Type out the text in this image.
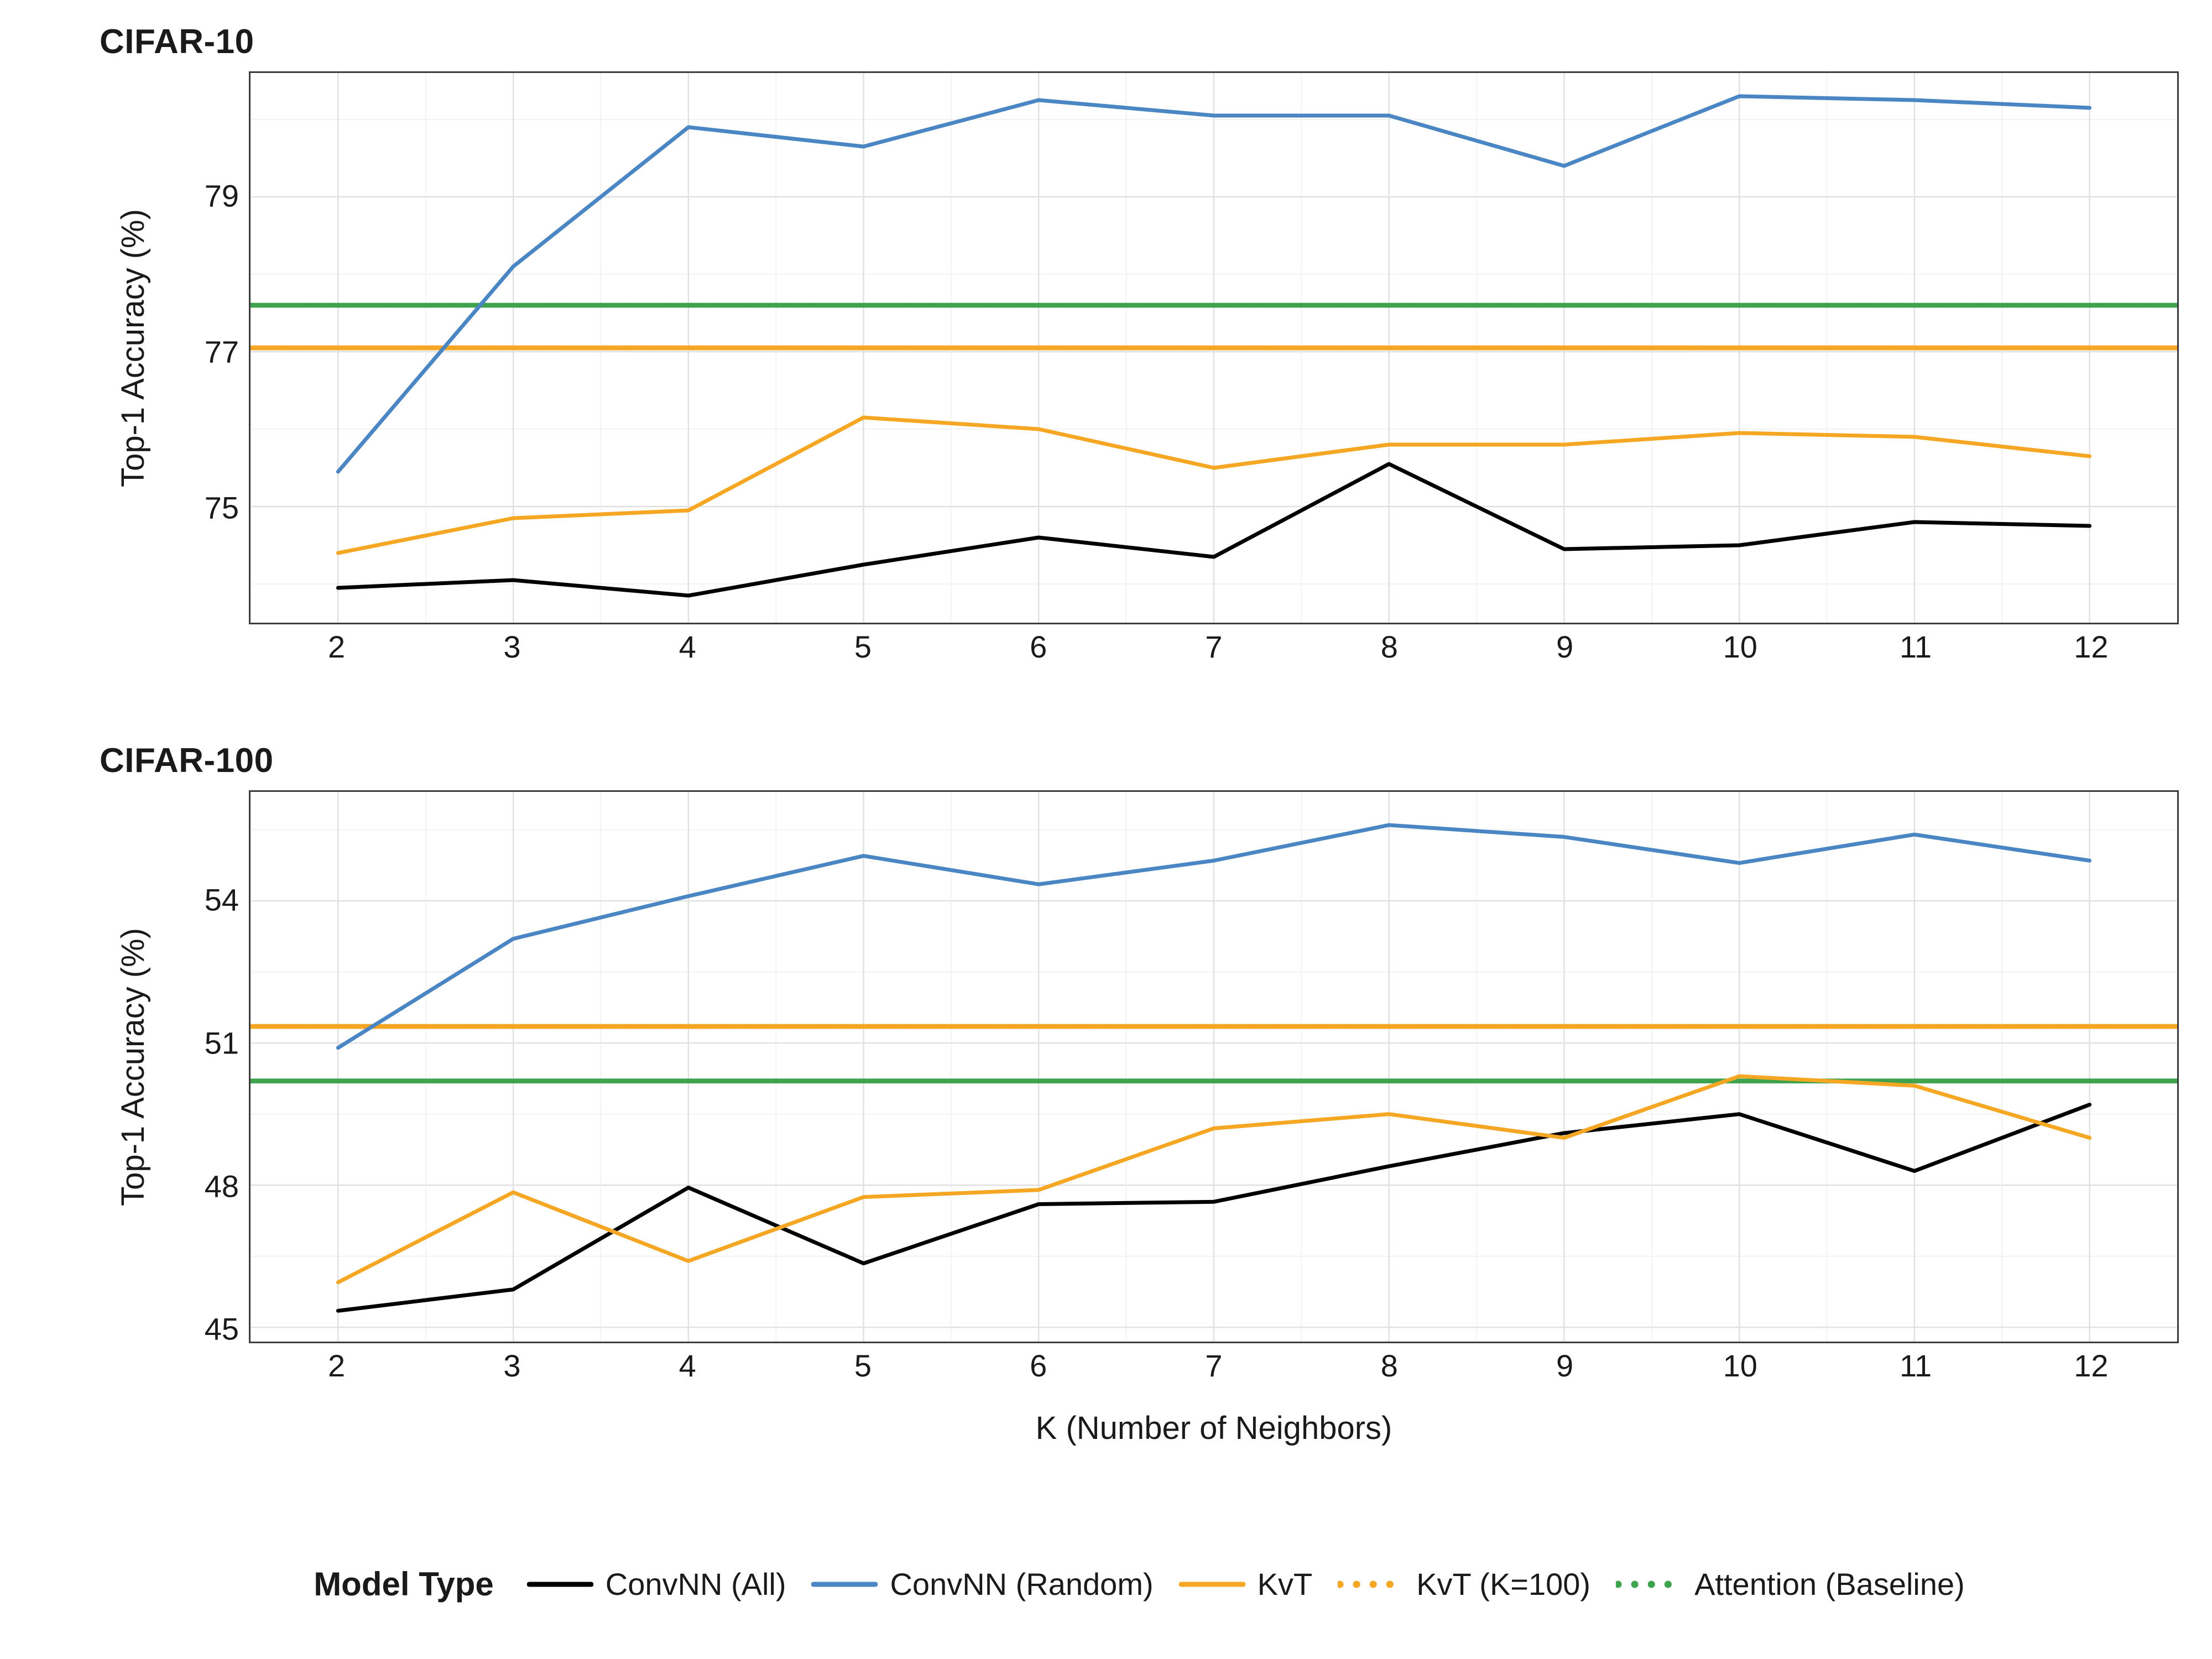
CIFAR-10
Top-1 Accuracy (%)
75
77
79
2	3	4	5	6	7	8	9	10	11	12
CIFAR-100
Top-1 Accuracy (%)
45
48
51
54
2	3	4	5	6	7	8	9	10	11	12
K (Number of Neighbors)
Model Type	ConvNN (All)	ConvNN (Random)	KvT	KvT (K=100)	Attention (Baseline)
